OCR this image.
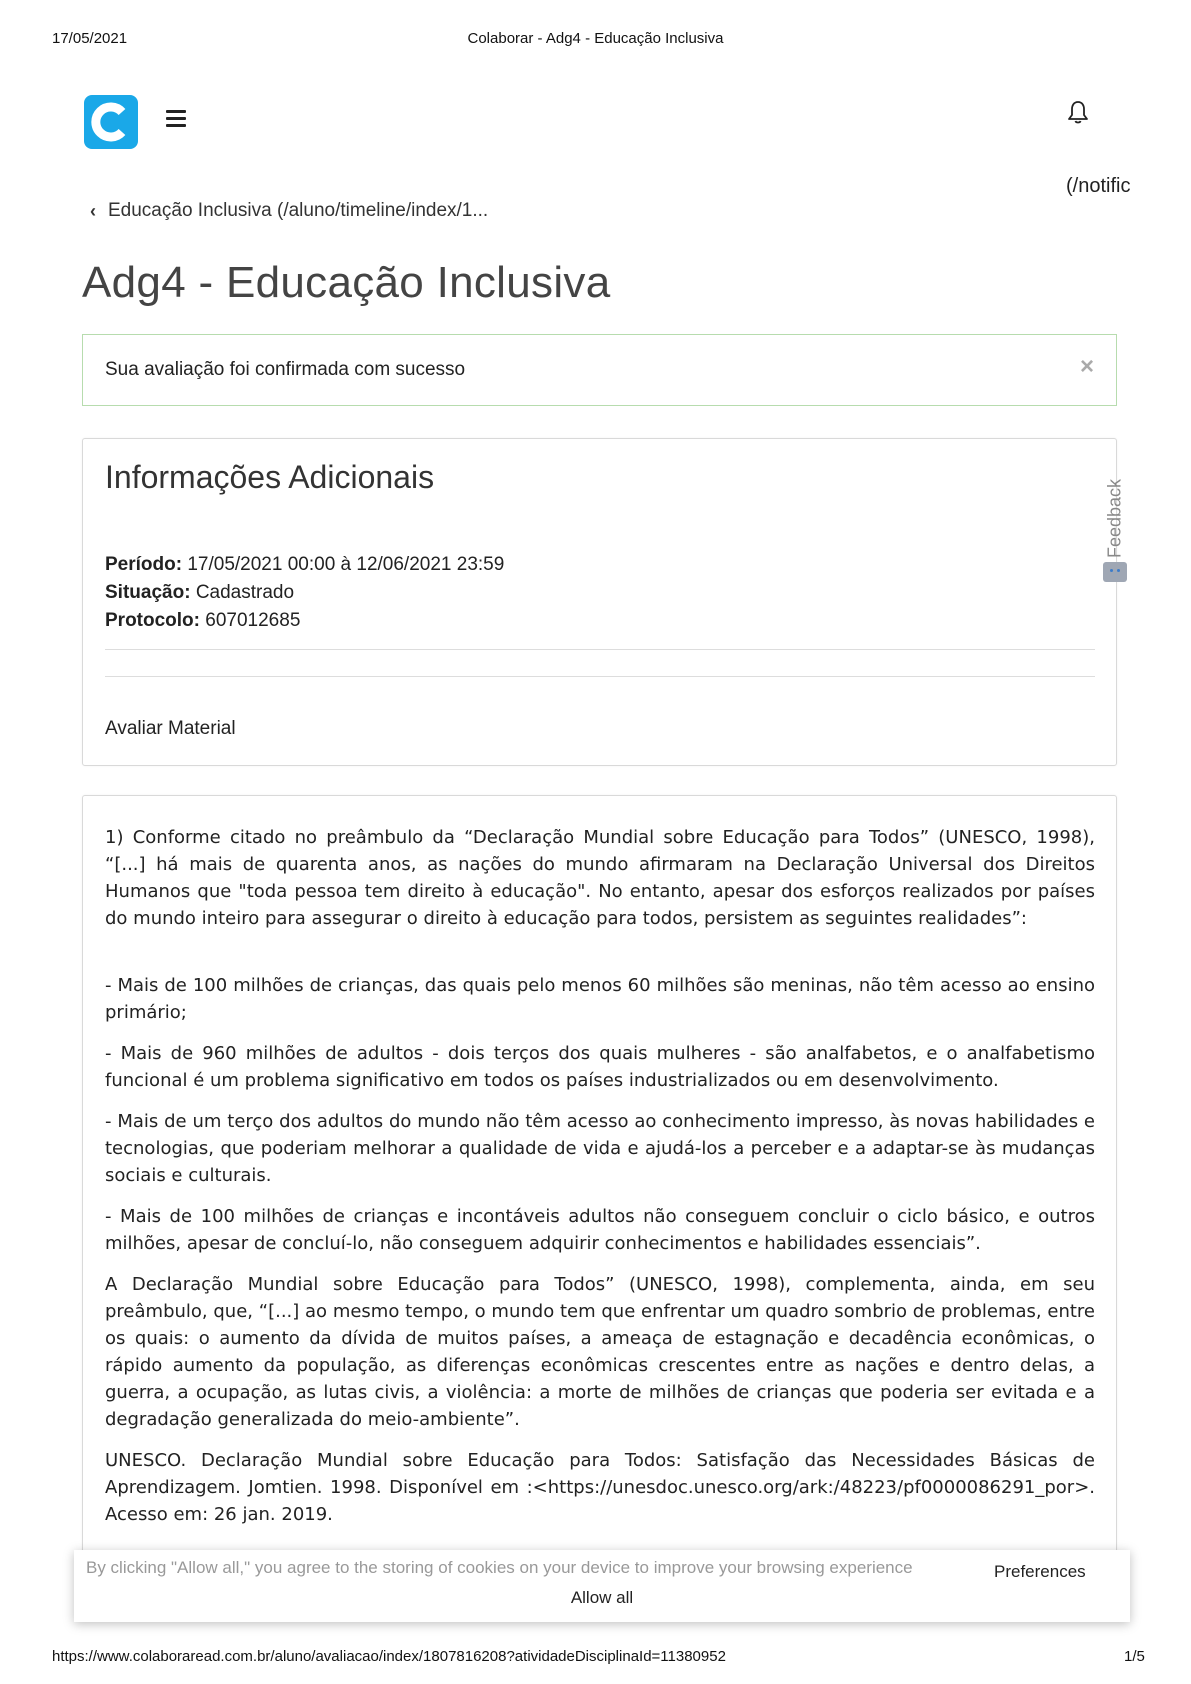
17/05/2021	Colaborar - Adg4 - Educação Inclusiva
(/notific
‹ Educação Inclusiva (/aluno/timeline/index/1...
Adg4 - Educação Inclusiva
Sua avaliação foi confirmada com sucesso	×
Informações Adicionais
Período: 17/05/2021 00:00 à 12/06/2021 23:59
Situação: Cadastrado
Protocolo: 607012685
Avaliar Material
Feedback

1) Conforme citado no preâmbulo da “Declaração Mundial sobre Educação para Todos” (UNESCO, 1998), “[...] há mais de quarenta anos, as nações do mundo afirmaram na Declaração Universal dos Direitos Humanos que "toda pessoa tem direito à educação". No entanto, apesar dos esforços realizados por países do mundo inteiro para assegurar o direito à educação para todos, persistem as seguintes realidades”:

- Mais de 100 milhões de crianças, das quais pelo menos 60 milhões são meninas, não têm acesso ao ensino primário;

- Mais de 960 milhões de adultos - dois terços dos quais mulheres - são analfabetos, e o analfabetismo funcional é um problema significativo em todos os países industrializados ou em desenvolvimento.

- Mais de um terço dos adultos do mundo não têm acesso ao conhecimento impresso, às novas habilidades e tecnologias, que poderiam melhorar a qualidade de vida e ajudá-los a perceber e a adaptar-se às mudanças sociais e culturais.

- Mais de 100 milhões de crianças e incontáveis adultos não conseguem concluir o ciclo básico, e outros milhões, apesar de concluí-lo, não conseguem adquirir conhecimentos e habilidades essenciais”.

A Declaração Mundial sobre Educação para Todos” (UNESCO, 1998), complementa, ainda, em seu preâmbulo, que, “[...] ao mesmo tempo, o mundo tem que enfrentar um quadro sombrio de problemas, entre os quais: o aumento da dívida de muitos países, a ameaça de estagnação e decadência econômicas, o rápido aumento da população, as diferenças econômicas crescentes entre as nações e dentro delas, a guerra, a ocupação, as lutas civis, a violência: a morte de milhões de crianças que poderia ser evitada e a degradação generalizada do meio-ambiente”.

UNESCO. Declaração Mundial sobre Educação para Todos: Satisfação das Necessidades Básicas de Aprendizagem. Jomtien. 1998. Disponível em :<https://unesdoc.unesco.org/ark:/48223/pf0000086291_por>. Acesso em: 26 jan. 2019.

By clicking "Allow all," you agree to the storing of cookies on your device to improve your browsing experience	Preferences
Allow all
https://www.colaboraread.com.br/aluno/avaliacao/index/1807816208?atividadeDisciplinaId=11380952	1/5
